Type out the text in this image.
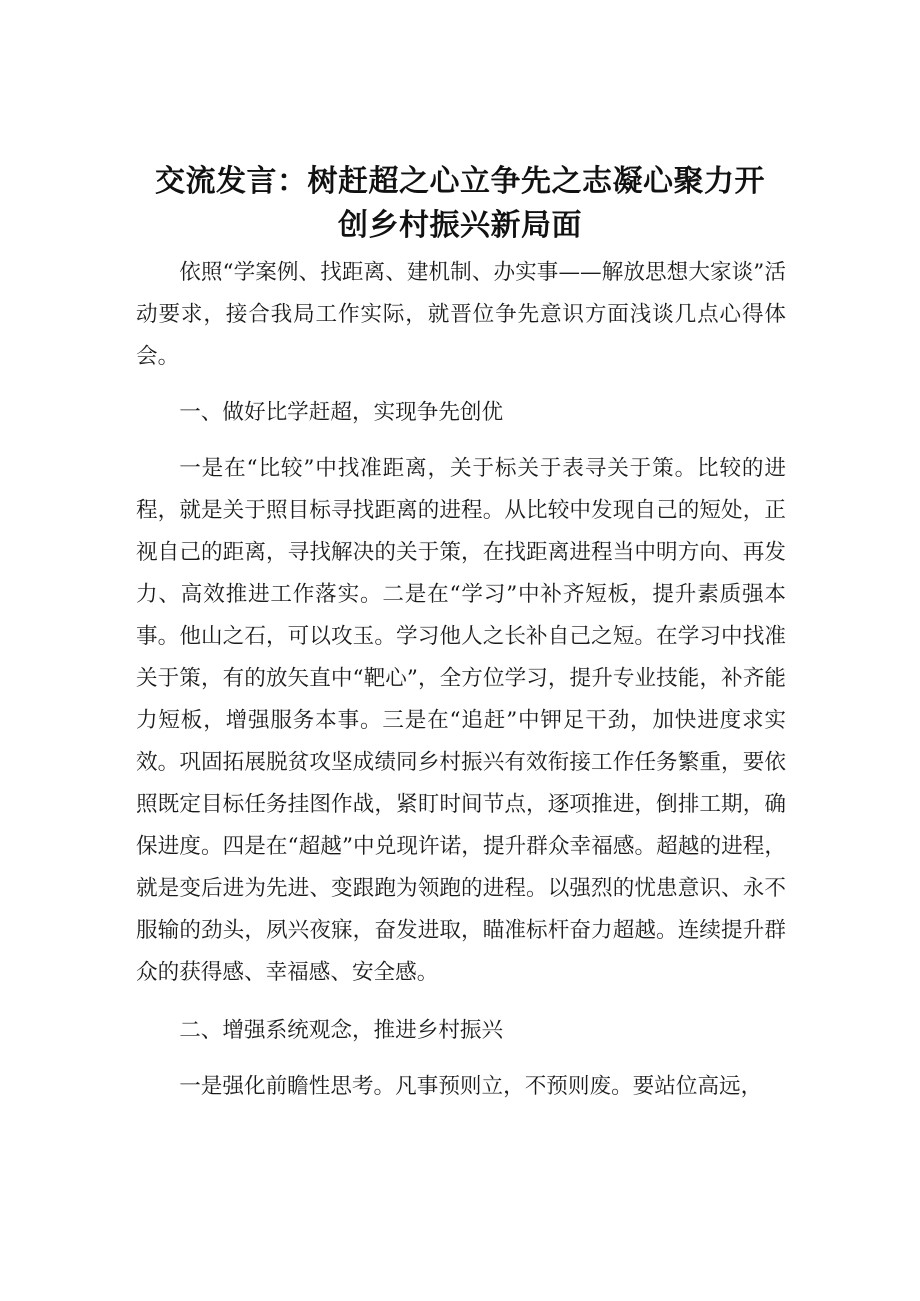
交流发言：树赶超之心立争先之志凝心聚力开
创乡村振兴新局面

依照“学案例、找距离、建机制、办实事——解放思想大家谈”活动要求，接合我局工作实际，就晋位争先意识方面浅谈几点心得体会。

一、做好比学赶超，实现争先创优

一是在“比较”中找准距离，关于标关于表寻关于策。比较的进程，就是关于照目标寻找距离的进程。从比较中发现自己的短处，正视自己的距离，寻找解决的关于策，在找距离进程当中明方向、再发力、高效推进工作落实。二是在“学习”中补齐短板，提升素质强本事。他山之石，可以攻玉。学习他人之长补自己之短。在学习中找准关于策，有的放矢直中“靶心”，全方位学习，提升专业技能，补齐能力短板，增强服务本事。三是在“追赶”中钾足干劲，加快进度求实效。巩固拓展脱贫攻坚成绩同乡村振兴有效衔接工作任务繁重，要依照既定目标任务挂图作战，紧盯时间节点，逐项推进，倒排工期，确保进度。四是在“超越”中兑现许诺，提升群众幸福感。超越的进程，就是变后进为先进、变跟跑为领跑的进程。以强烈的忧患意识、永不服输的劲头，夙兴夜寐，奋发进取，瞄准标杆奋力超越。连续提升群众的获得感、幸福感、安全感。

二、增强系统观念，推进乡村振兴

一是强化前瞻性思考。凡事预则立，不预则废。要站位高远，
